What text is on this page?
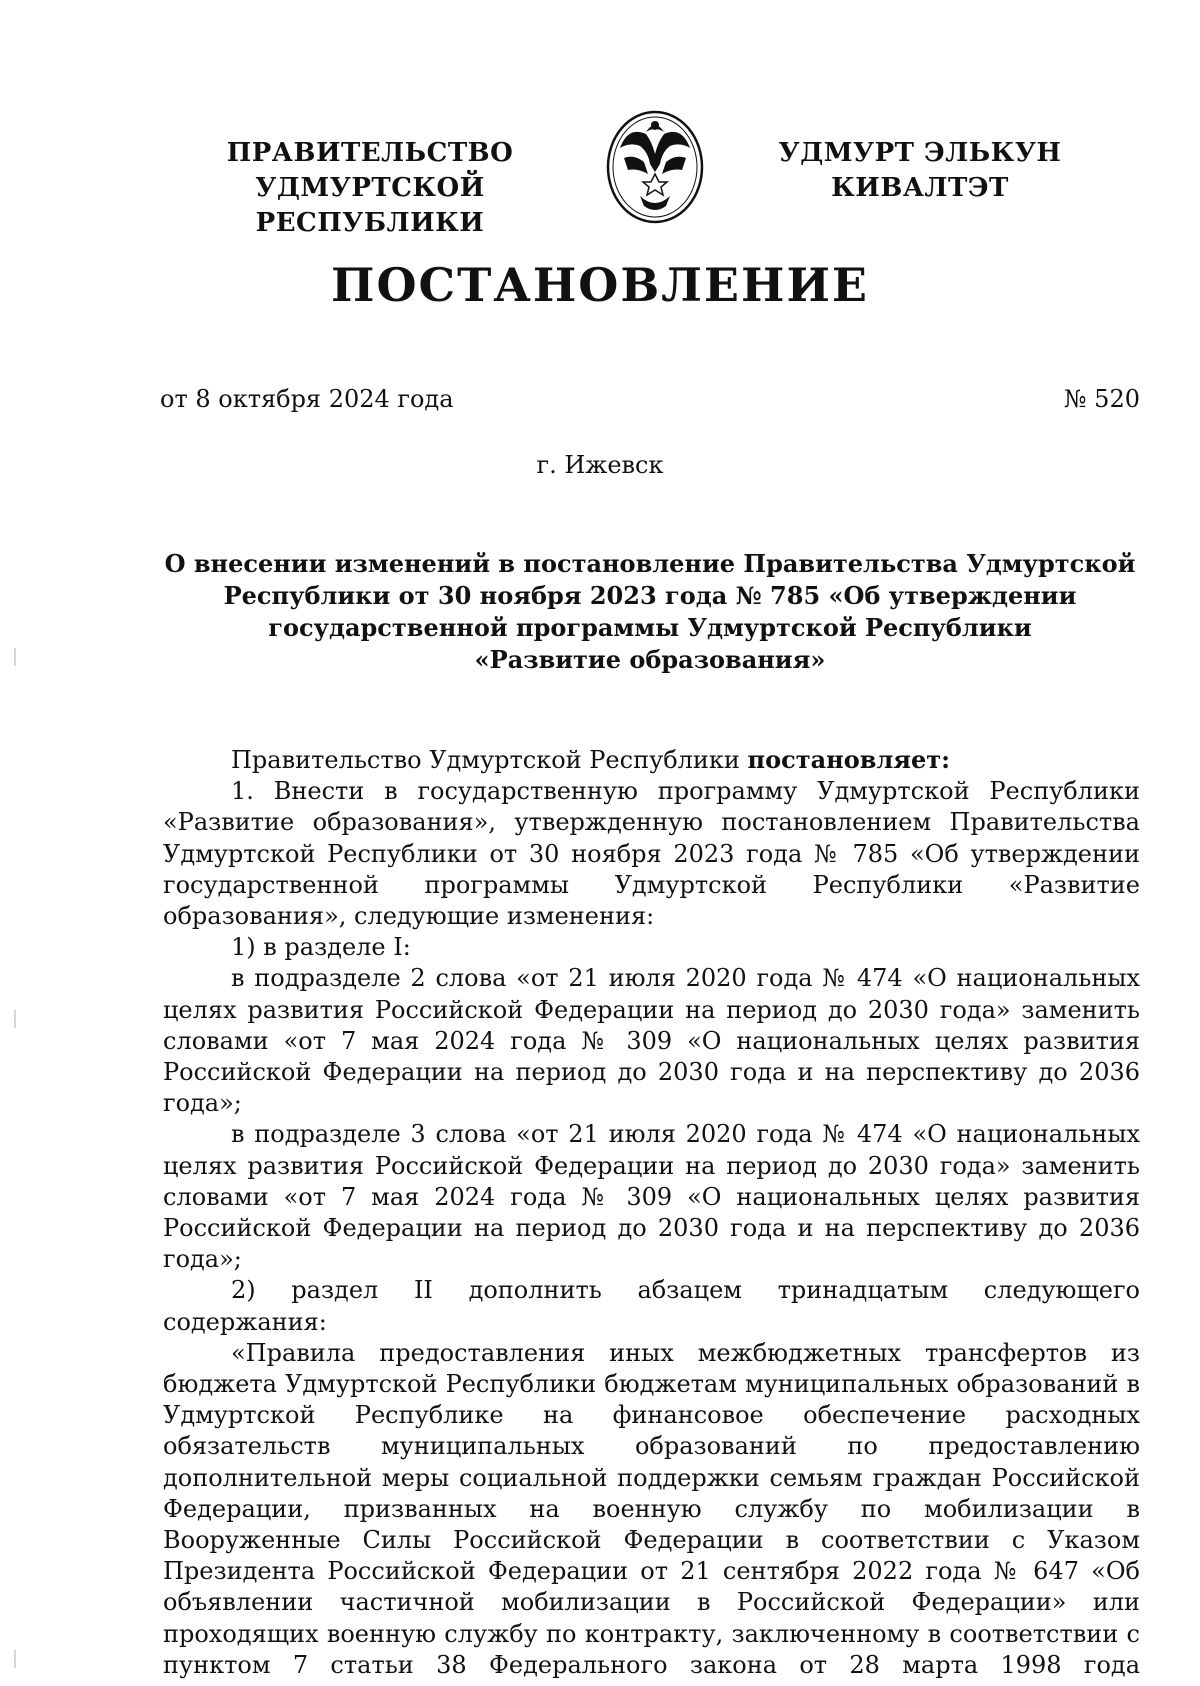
ПРАВИТЕЛЬСТВО
УДМУРТСКОЙ РЕСПУБЛИКИ
УДМУРТ ЭЛЬКУН
КИВАЛТЭТ
ПОСТАНОВЛЕНИЕ
от 8 октября 2024 года	№ 520
г. Ижевск
О внесении изменений в постановление Правительства Удмуртской
Республики от 30 ноября 2023 года № 785 «Об утверждении
государственной программы Удмуртской Республики
«Развитие образования»

Правительство Удмуртской Республики постановляет:

1. Внести в государственную программу Удмуртской Республики «Развитие образования», утвержденную постановлением Правительства Удмуртской Республики от 30 ноября 2023 года № 785 «Об утверждении государственной программы Удмуртской Республики «Развитие образования», следующие изменения:

1) в разделе I:

в подразделе 2 слова «от 21 июля 2020 года № 474 «О национальных целях развития Российской Федерации на период до 2030 года» заменить словами «от 7 мая 2024 года № 309 «О национальных целях развития Российской Федерации на период до 2030 года и на перспективу до 2036 года»;

в подразделе 3 слова «от 21 июля 2020 года № 474 «О национальных целях развития Российской Федерации на период до 2030 года» заменить словами «от 7 мая 2024 года № 309 «О национальных целях развития Российской Федерации на период до 2030 года и на перспективу до 2036 года»;

2) раздел II дополнить абзацем тринадцатым следующего содержания:

«Правила предоставления иных межбюджетных трансфертов из бюджета Удмуртской Республики бюджетам муниципальных образований в Удмуртской Республике на финансовое обеспечение расходных обязательств муниципальных образований по предоставлению дополнительной меры социальной поддержки семьям граждан Российской Федерации, призванных на военную службу по мобилизации в Вооруженные Силы Российской Федерации в соответствии с Указом Президента Российской Федерации от 21 сентября 2022 года № 647 «Об объявлении частичной мобилизации в Российской Федерации» или проходящих военную службу по контракту, заключенному в соответствии с пунктом 7 статьи 38 Федерального закона от 28 марта 1998 года
